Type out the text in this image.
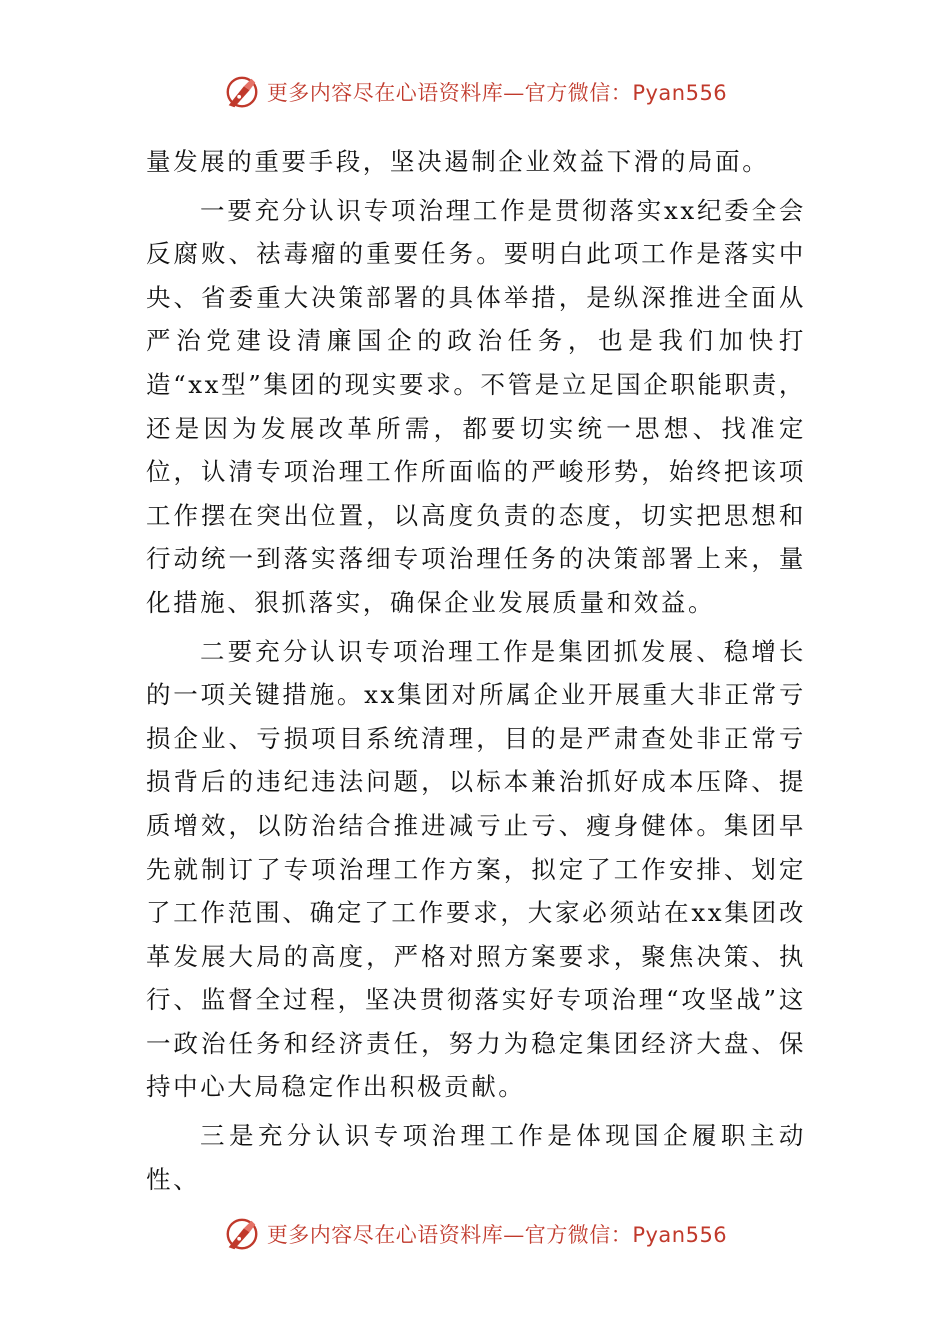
更多内容尽在心语资料库—官方微信：Pyan556

量发展的重要手段，坚决遏制企业效益下滑的局面。

一要充分认识专项治理工作是贯彻落实xx纪委全会反腐败、祛毒瘤的重要任务。要明白此项工作是落实中央、省委重大决策部署的具体举措，是纵深推进全面从严治党建设清廉国企的政治任务，也是我们加快打造“xx型”集团的现实要求。不管是立足国企职能职责，还是因为发展改革所需，都要切实统一思想、找准定位，认清专项治理工作所面临的严峻形势，始终把该项工作摆在突出位置，以高度负责的态度，切实把思想和行动统一到落实落细专项治理任务的决策部署上来，量化措施、狠抓落实，确保企业发展质量和效益。

二要充分认识专项治理工作是集团抓发展、稳增长的一项关键措施。xx集团对所属企业开展重大非正常亏损企业、亏损项目系统清理，目的是严肃查处非正常亏损背后的违纪违法问题，以标本兼治抓好成本压降、提质增效，以防治结合推进减亏止亏、瘦身健体。集团早先就制订了专项治理工作方案，拟定了工作安排、划定了工作范围、确定了工作要求，大家必须站在xx集团改革发展大局的高度，严格对照方案要求，聚焦决策、执行、监督全过程，坚决贯彻落实好专项治理“攻坚战”这一政治任务和经济责任，努力为稳定集团经济大盘、保持中心大局稳定作出积极贡献。

三是充分认识专项治理工作是体现国企履职主动性、

更多内容尽在心语资料库—官方微信：Pyan556
